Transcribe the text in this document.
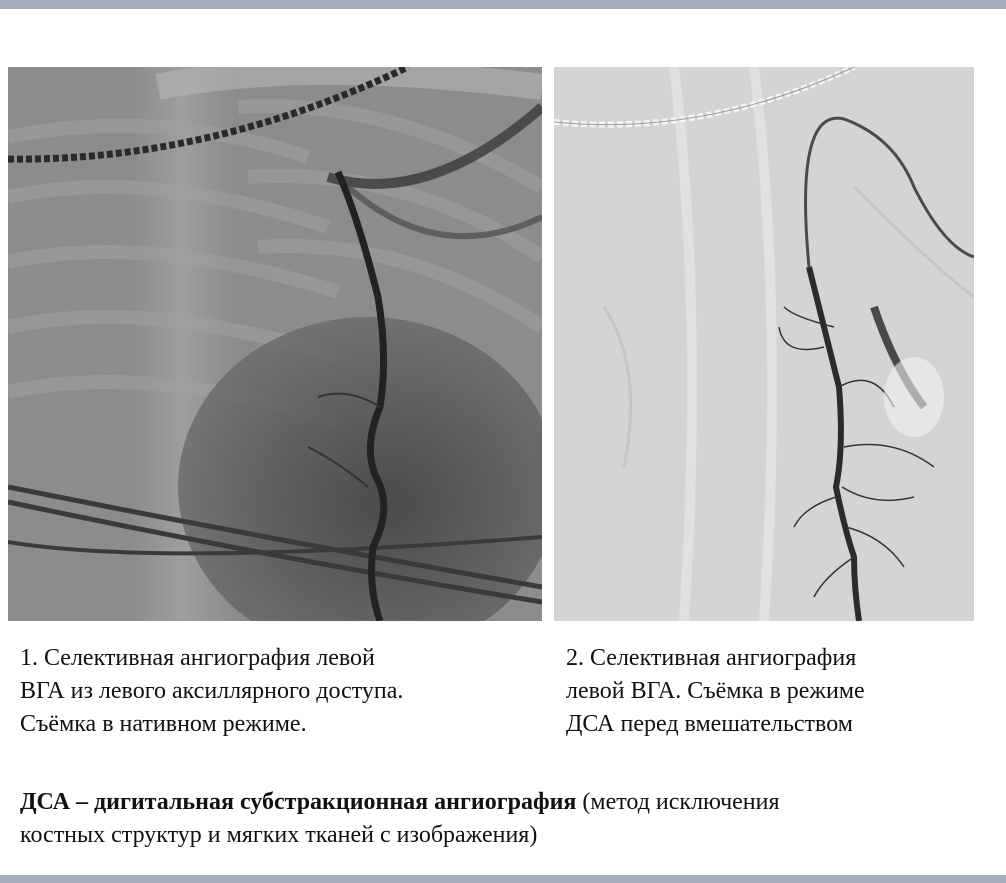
1. Селективная ангиография левой
ВГА из левого аксиллярного доступа.
Съёмка в нативном режиме.

2. Селективная ангиография
левой ВГА. Съёмка в режиме
ДСА перед вмешательством

ДСА – дигитальная субстракционная ангиография (метод исключения
костных структур и мягких тканей с изображения)
